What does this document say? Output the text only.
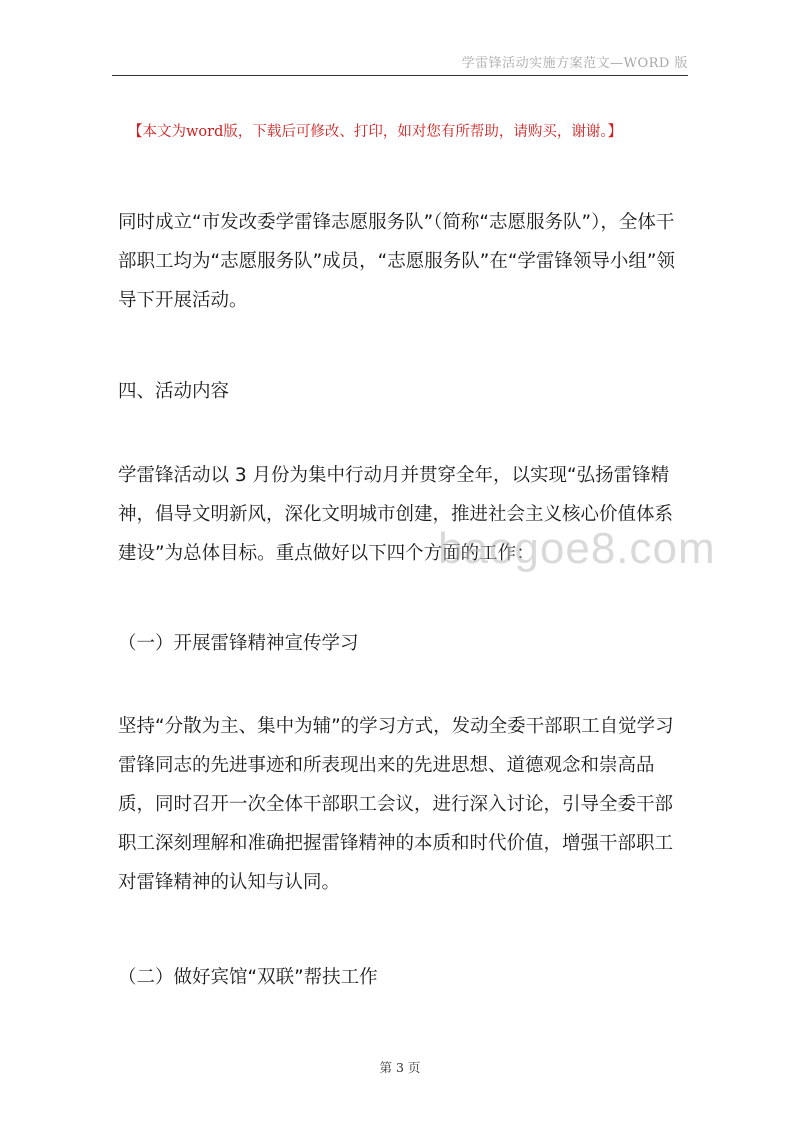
学雷锋活动实施方案范文—WORD 版
【本文为word版，下载后可修改、打印，如对您有所帮助，请购买，谢谢。】
同时成立“市发改委学雷锋志愿服务队”（简称“志愿服务队”），全体干部职工均为“志愿服务队”成员，“志愿服务队”在“学雷锋领导小组”领导下开展活动。
四、活动内容
学雷锋活动以 3 月份为集中行动月并贯穿全年，以实现“弘扬雷锋精神，倡导文明新风，深化文明城市创建，推进社会主义核心价值体系建设”为总体目标。重点做好以下四个方面的工作：
（一）开展雷锋精神宣传学习
坚持“分散为主、集中为辅”的学习方式，发动全委干部职工自觉学习雷锋同志的先进事迹和所表现出来的先进思想、道德观念和崇高品质，同时召开一次全体干部职工会议，进行深入讨论，引导全委干部职工深刻理解和准确把握雷锋精神的本质和时代价值，增强干部职工对雷锋精神的认知与认同。
（二）做好宾馆“双联”帮扶工作
baogoe8.com
第 3 页
